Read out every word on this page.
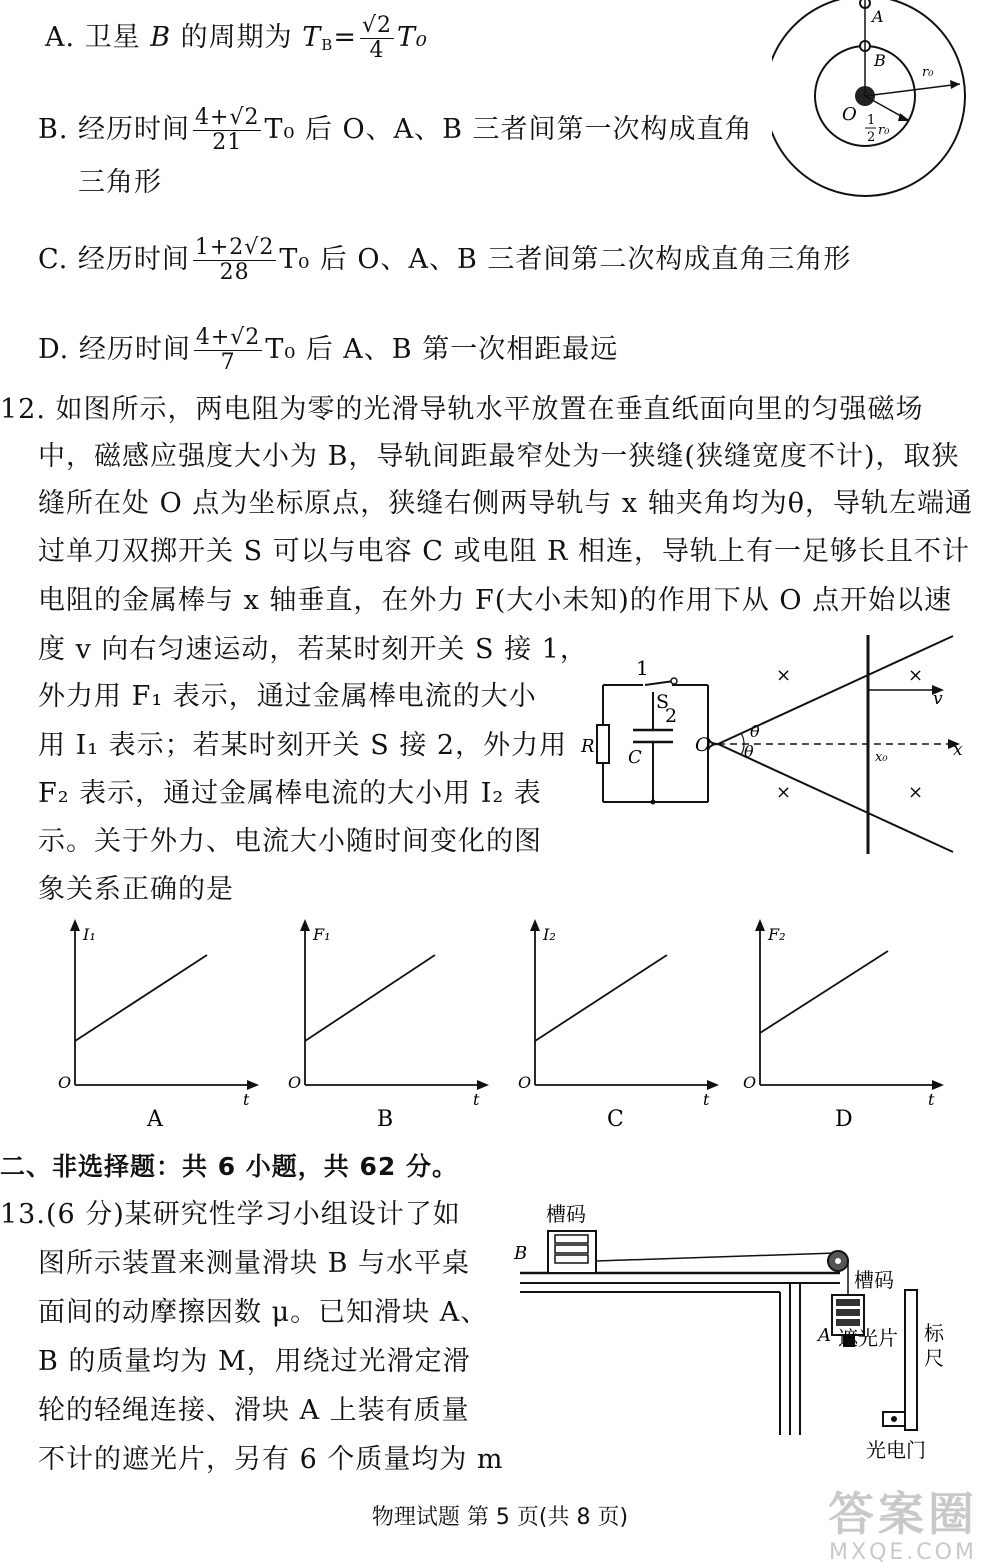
A. 卫星 B 的周期为 $T_B= \frac{√2}{4} T_0$
B. 经历时间 $\frac{4+√2}{21} T_0$ 后 O、A、B 三者间第一次构成直角
三角形
C. 经历时间 $\frac{1+2√2}{28} T_0$ 后 O、A、B 三者间第二次构成直角三角形
D. 经历时间 $\frac{4+√2}{7} T_0$ 后 A、B 第一次相距最远
A
B
O
r₀
1
2 r₀
12. 如图所示，两电阻为零的光滑导轨水平放置在垂直纸面向里的匀强磁场
中，磁感应强度大小为 B，导轨间距最窄处为一狭缝(狭缝宽度不计)，取狭
缝所在处 O 点为坐标原点，狭缝右侧两导轨与 x 轴夹角均为θ，导轨左端通
过单刀双掷开关 S 可以与电容 C 或电阻 R 相连，导轨上有一足够长且不计
电阻的金属棒与 x 轴垂直，在外力 F(大小未知)的作用下从 O 点开始以速
度 v 向右匀速运动，若某时刻开关 S 接 1，
外力用 F₁ 表示，通过金属棒电流的大小
用 I₁ 表示；若某时刻开关 S 接 2，外力用
F₂ 表示，通过金属棒电流的大小用 I₂ 表
示。关于外力、电流大小随时间变化的图
象关系正确的是
1
S
2
R
C
O
θ
θ	x₀	x
v
×	×
×	×
I₁
O
t
A
F₁
O
t
B
I₂
O
t
C
F₂
O
t
D
二、非选择题：共 6 小题，共 62 分。
13.(6 分)某研究性学习小组设计了如
图所示装置来测量滑块 B 与水平桌
面间的动摩擦因数 μ。已知滑块 A、
B 的质量均为 M，用绕过光滑定滑
轮的轻绳连接、滑块 A 上装有质量
不计的遮光片，另有 6 个质量均为 m
槽码
B
槽码
A 遮光片 标
尺
光电门
物理试题 第 5 页(共 8 页)	答案圈
MXQE.COM
